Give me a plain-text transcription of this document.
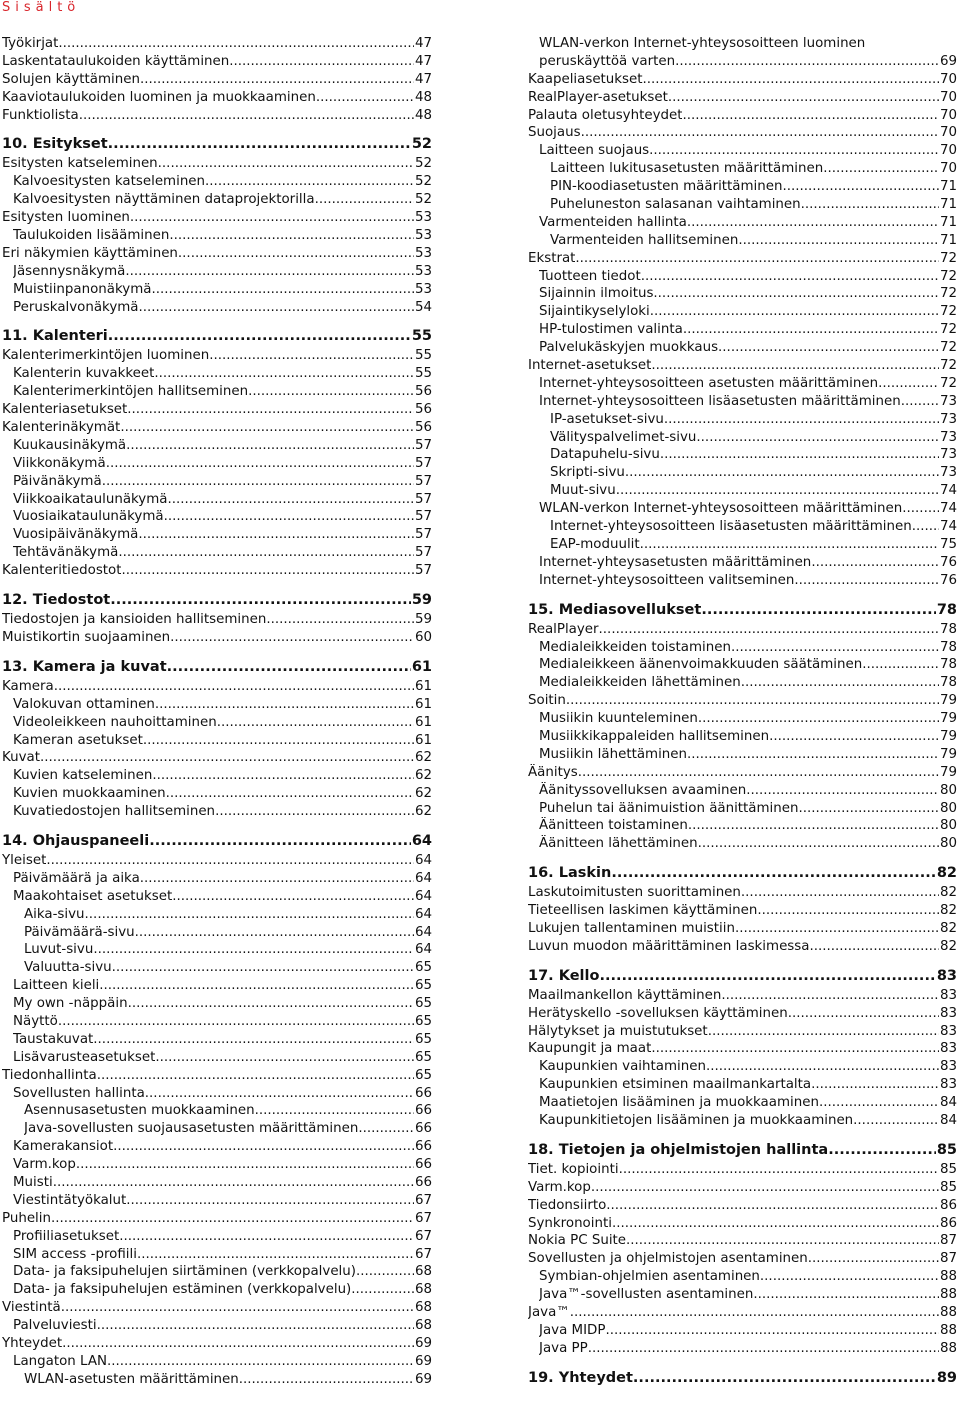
Sisältö
Työkirjat .....	47
Laskentataulukoiden käyttäminen .....	47
Solujen käyttäminen .....	47
Kaaviotaulukoiden luominen ja muokkaaminen .....	48
Funktiolista .....	48
10. Esitykset .....	52
Esitysten katseleminen .....	52
Kalvoesitysten katseleminen .....	52
Kalvoesitysten näyttäminen dataprojektorilla .....	52
Esitysten luominen .....	53
Taulukoiden lisääminen .....	53
Eri näkymien käyttäminen .....	53
Jäsennysnäkymä .....	53
Muistiinpanonäkymä .....	53
Peruskalvonäkymä .....	54
11. Kalenteri .....	55
Kalenterimerkintöjen luominen .....	55
Kalenterin kuvakkeet .....	55
Kalenterimerkintöjen hallitseminen .....	56
Kalenteriasetukset .....	56
Kalenterinäkymät .....	56
Kuukausinäkymä .....	57
Viikkonäkymä .....	57
Päivänäkymä .....	57
Viikkoaikataulunäkymä .....	57
Vuosiaikataulunäkymä .....	57
Vuosipäivänäkymä .....	57
Tehtävänäkymä .....	57
Kalenteritiedostot .....	57
12. Tiedostot .....	59
Tiedostojen ja kansioiden hallitseminen .....	59
Muistikortin suojaaminen .....	60
13. Kamera ja kuvat .....	61
Kamera .....	61
Valokuvan ottaminen .....	61
Videoleikkeen nauhoittaminen .....	61
Kameran asetukset .....	61
Kuvat .....	62
Kuvien katseleminen .....	62
Kuvien muokkaaminen .....	62
Kuvatiedostojen hallitseminen .....	62
14. Ohjauspaneeli .....	64
Yleiset .....	64
Päivämäärä ja aika .....	64
Maakohtaiset asetukset .....	64
Aika-sivu .....	64
Päivämäärä-sivu .....	64
Luvut-sivu .....	64
Valuutta-sivu .....	65
Laitteen kieli .....	65
My own -näppäin .....	65
Näyttö .....	65
Taustakuvat .....	65
Lisävarusteasetukset .....	65
Tiedonhallinta .....	65
Sovellusten hallinta .....	66
Asennusasetusten muokkaaminen .....	66
Java-sovellusten suojausasetusten määrittäminen .....	66
Kamerakansiot .....	66
Varm.kop .....	66
Muisti .....	66
Viestintätyökalut .....	67
Puhelin .....	67
Profiiliasetukset .....	67
SIM access -profiili .....	67
Data- ja faksipuhelujen siirtäminen (verkkopalvelu) .....	68
Data- ja faksipuhelujen estäminen (verkkopalvelu) .....	68
Viestintä .....	68
Palveluviesti .....	68
Yhteydet .....	69
Langaton LAN .....	69
WLAN-asetusten määrittäminen .....	69
WLAN-verkon Internet-yhteysosoitteen luominen
peruskäyttöä varten .....	69
Kaapeliasetukset .....	70
RealPlayer-asetukset .....	70
Palauta oletusyhteydet .....	70
Suojaus .....	70
Laitteen suojaus .....	70
Laitteen lukitusasetusten määrittäminen .....	70
PIN-koodiasetusten määrittäminen .....	71
Puheluneston salasanan vaihtaminen .....	71
Varmenteiden hallinta .....	71
Varmenteiden hallitseminen .....	71
Ekstrat .....	72
Tuotteen tiedot .....	72
Sijainnin ilmoitus .....	72
Sijaintikyselyloki .....	72
HP-tulostimen valinta .....	72
Palvelukäskyjen muokkaus .....	72
Internet-asetukset .....	72
Internet-yhteysosoitteen asetusten määrittäminen .....	72
Internet-yhteysosoitteen lisäasetusten määrittäminen .....	73
IP-asetukset-sivu .....	73
Välityspalvelimet-sivu .....	73
Datapuhelu-sivu .....	73
Skripti-sivu .....	73
Muut-sivu .....	74
WLAN-verkon Internet-yhteysosoitteen määrittäminen .....	74
Internet-yhteysosoitteen lisäasetusten määrittäminen ..... 74
EAP-moduulit .....	75
Internet-yhteysasetusten määrittäminen .....	76
Internet-yhteysosoitteen valitseminen .....	76
15. Mediasovellukset .....	78
RealPlayer .....	78
Medialeikkeiden toistaminen .....	78
Medialeikkeen äänenvoimakkuuden säätäminen .....	78
Medialeikkeiden lähettäminen .....	78
Soitin .....	79
Musiikin kuunteleminen .....	79
Musiikkikappaleiden hallitseminen .....	79
Musiikin lähettäminen .....	79
Äänitys .....	79
Äänityssovelluksen avaaminen .....	80
Puhelun tai äänimuistion äänittäminen .....	80
Äänitteen toistaminen .....	80
Äänitteen lähettäminen .....	80
16. Laskin .....	82
Laskutoimitusten suorittaminen .....	82
Tieteellisen laskimen käyttäminen .....	82
Lukujen tallentaminen muistiin .....	82
Luvun muodon määrittäminen laskimessa .....	82
17. Kello .....	83
Maailmankellon käyttäminen .....	83
Herätyskello -sovelluksen käyttäminen .....	83
Hälytykset ja muistutukset .....	83
Kaupungit ja maat .....	83
Kaupunkien vaihtaminen .....	83
Kaupunkien etsiminen maailmankartalta .....	83
Maatietojen lisääminen ja muokkaaminen .....	84
Kaupunkitietojen lisääminen ja muokkaaminen .....	84
18. Tietojen ja ohjelmistojen hallinta .....	85
Tiet. kopiointi .....	85
Varm.kop .....	85
Tiedonsiirto .....	86
Synkronointi .....	86
Nokia PC Suite .....	87
Sovellusten ja ohjelmistojen asentaminen .....	87
Symbian-ohjelmien asentaminen .....	88
Java™-sovellusten asentaminen .....	88
Java™ .....	88
Java MIDP .....	88
Java PP .....	88
19. Yhteydet .....	89
